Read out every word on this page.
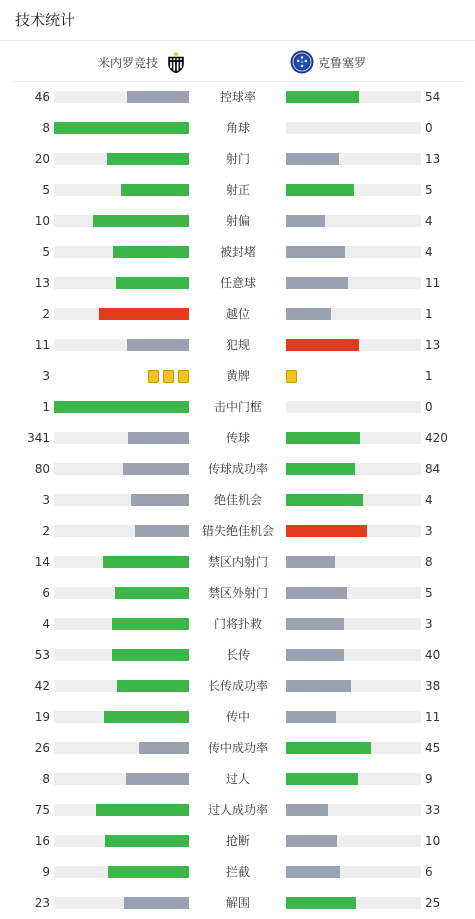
技术统计
米内罗竞技	克鲁塞罗
46	控球率	54
8	角球	0
20	射门	13
5	射正	5
10	射偏	4
5	被封堵	4
13	任意球	11
2	越位	1
11	犯规	13
3	黄牌	1
1	击中门框	0
341	传球	420
80	传球成功率	84
3	绝佳机会	4
2	错失绝佳机会	3
14	禁区内射门	8
6	禁区外射门	5
4	门将扑救	3
53	长传	40
42	长传成功率	38
19	传中	11
26	传中成功率	45
8	过人	9
75	过人成功率	33
16	抢断	10
9	拦截	6
23	解围	25
